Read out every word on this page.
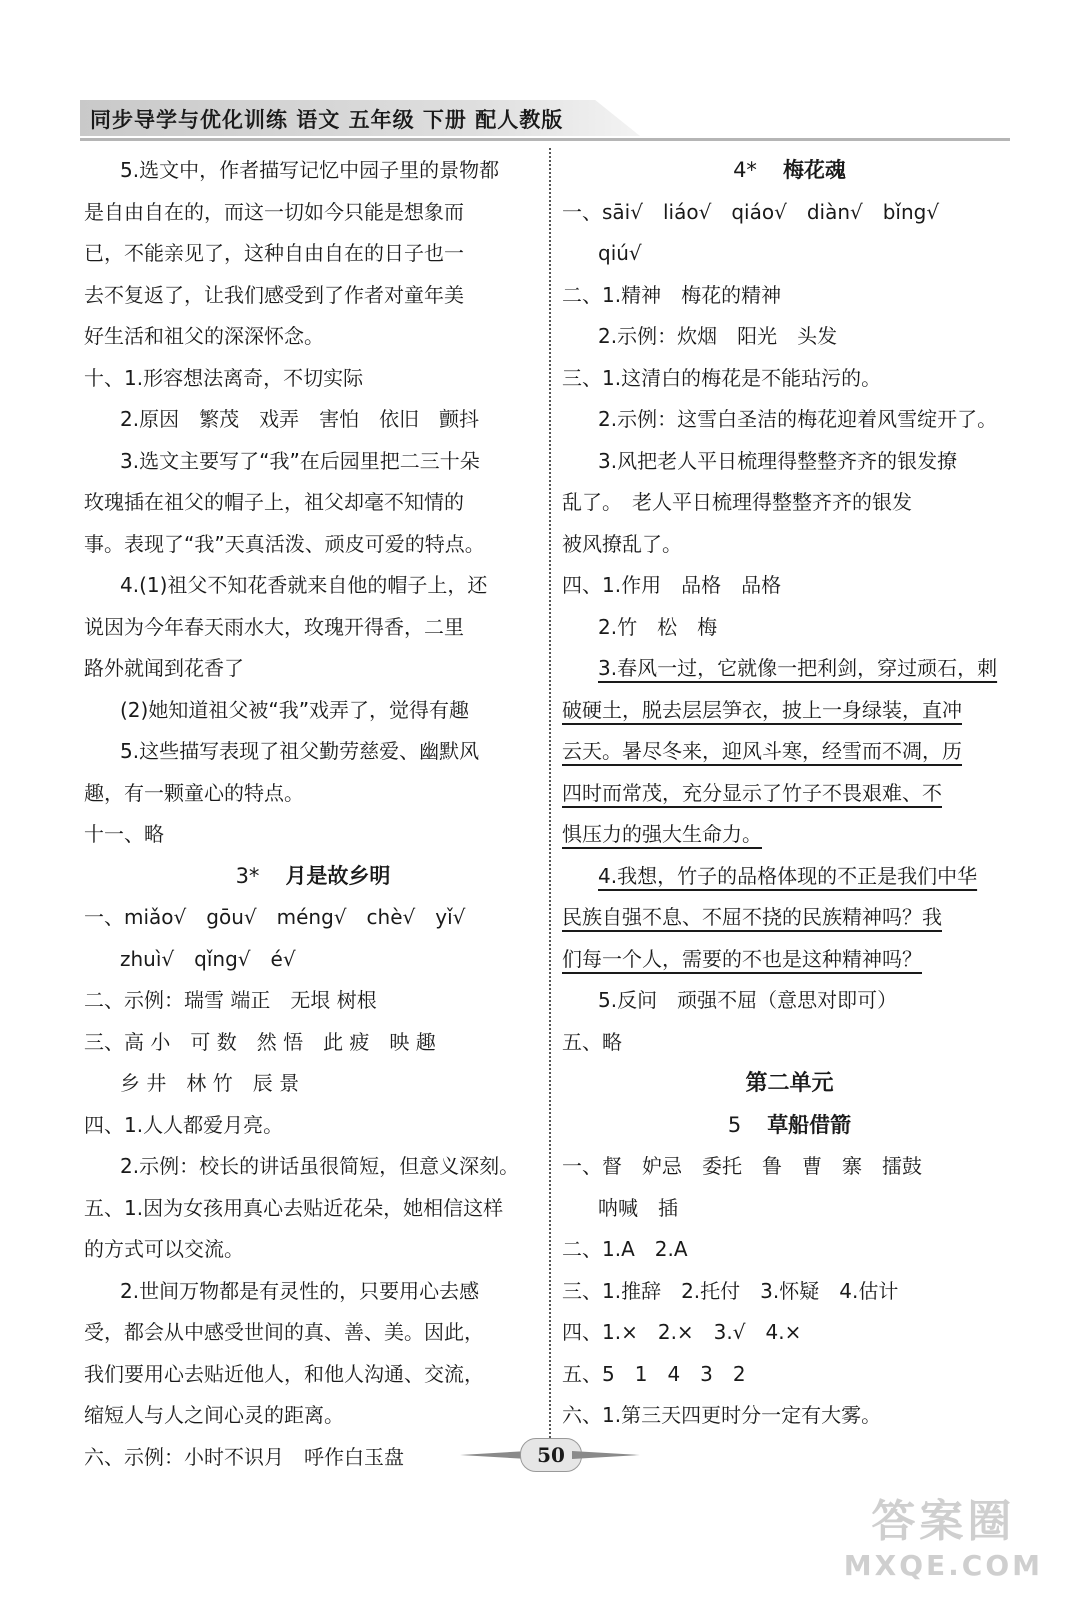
同步导学与优化训练 语文 五年级 下册 配人教版
5.选文中，作者描写记忆中园子里的景物都
是自由自在的，而这一切如今只能是想象而
已，不能亲见了，这种自由自在的日子也一
去不复返了，让我们感受到了作者对童年美
好生活和祖父的深深怀念。
十、1.形容想法离奇，不切实际
2.原因　繁茂　戏弄　害怕　依旧　颤抖
3.选文主要写了“我”在后园里把二三十朵
玫瑰插在祖父的帽子上，祖父却毫不知情的
事。表现了“我”天真活泼、顽皮可爱的特点。
4.(1)祖父不知花香就来自他的帽子上，还
说因为今年春天雨水大，玫瑰开得香，二里
路外就闻到花香了
(2)她知道祖父被“我”戏弄了，觉得有趣
5.这些描写表现了祖父勤劳慈爱、幽默风
趣，有一颗童心的特点。
十一、略
3* 月是故乡明
一、miǎo√　gōu√　méng√　chè√　yǐ√
zhuì√　qǐng√　é√
二、示例：瑞雪 端正　无垠 树根
三、高 小　可 数　然 悟　此 疲　映 趣
乡 井　林 竹　辰 景
四、1.人人都爱月亮。
2.示例：校长的讲话虽很简短，但意义深刻。
五、1.因为女孩用真心去贴近花朵，她相信这样
的方式可以交流。
2.世间万物都是有灵性的，只要用心去感
受，都会从中感受世间的真、善、美。因此，
我们要用心去贴近他人，和他人沟通、交流，
缩短人与人之间心灵的距离。
六、示例：小时不识月　呼作白玉盘
4* 梅花魂
一、sāi√　liáo√　qiáo√　diàn√　bǐng√
qiú√
二、1.精神　梅花的精神
2.示例：炊烟　阳光　头发
三、1.这清白的梅花是不能玷污的。
2.示例：这雪白圣洁的梅花迎着风雪绽开了。
3.风把老人平日梳理得整整齐齐的银发撩
乱了。　老人平日梳理得整整齐齐的银发
被风撩乱了。
四、1.作用　品格　品格
2.竹　松　梅
3.春风一过，它就像一把利剑，穿过顽石，刺
破硬土，脱去层层笋衣，披上一身绿装，直冲
云天。暑尽冬来，迎风斗寒，经雪而不凋，历
四时而常茂，充分显示了竹子不畏艰难、不
惧压力的强大生命力。
4.我想，竹子的品格体现的不正是我们中华
民族自强不息、不屈不挠的民族精神吗？我
们每一个人，需要的不也是这种精神吗？
5.反问　顽强不屈（意思对即可）
五、略
第二单元
5 草船借箭
一、督　妒忌　委托　鲁　曹　寨　擂鼓
呐喊　插
二、1.A　2.A
三、1.推辞　2.托付　3.怀疑　4.估计
四、1.×　2.×　3.√　4.×
五、5　1　4　3　2
六、1.第三天四更时分一定有大雾。
50
答案圈
MXQE.COM
